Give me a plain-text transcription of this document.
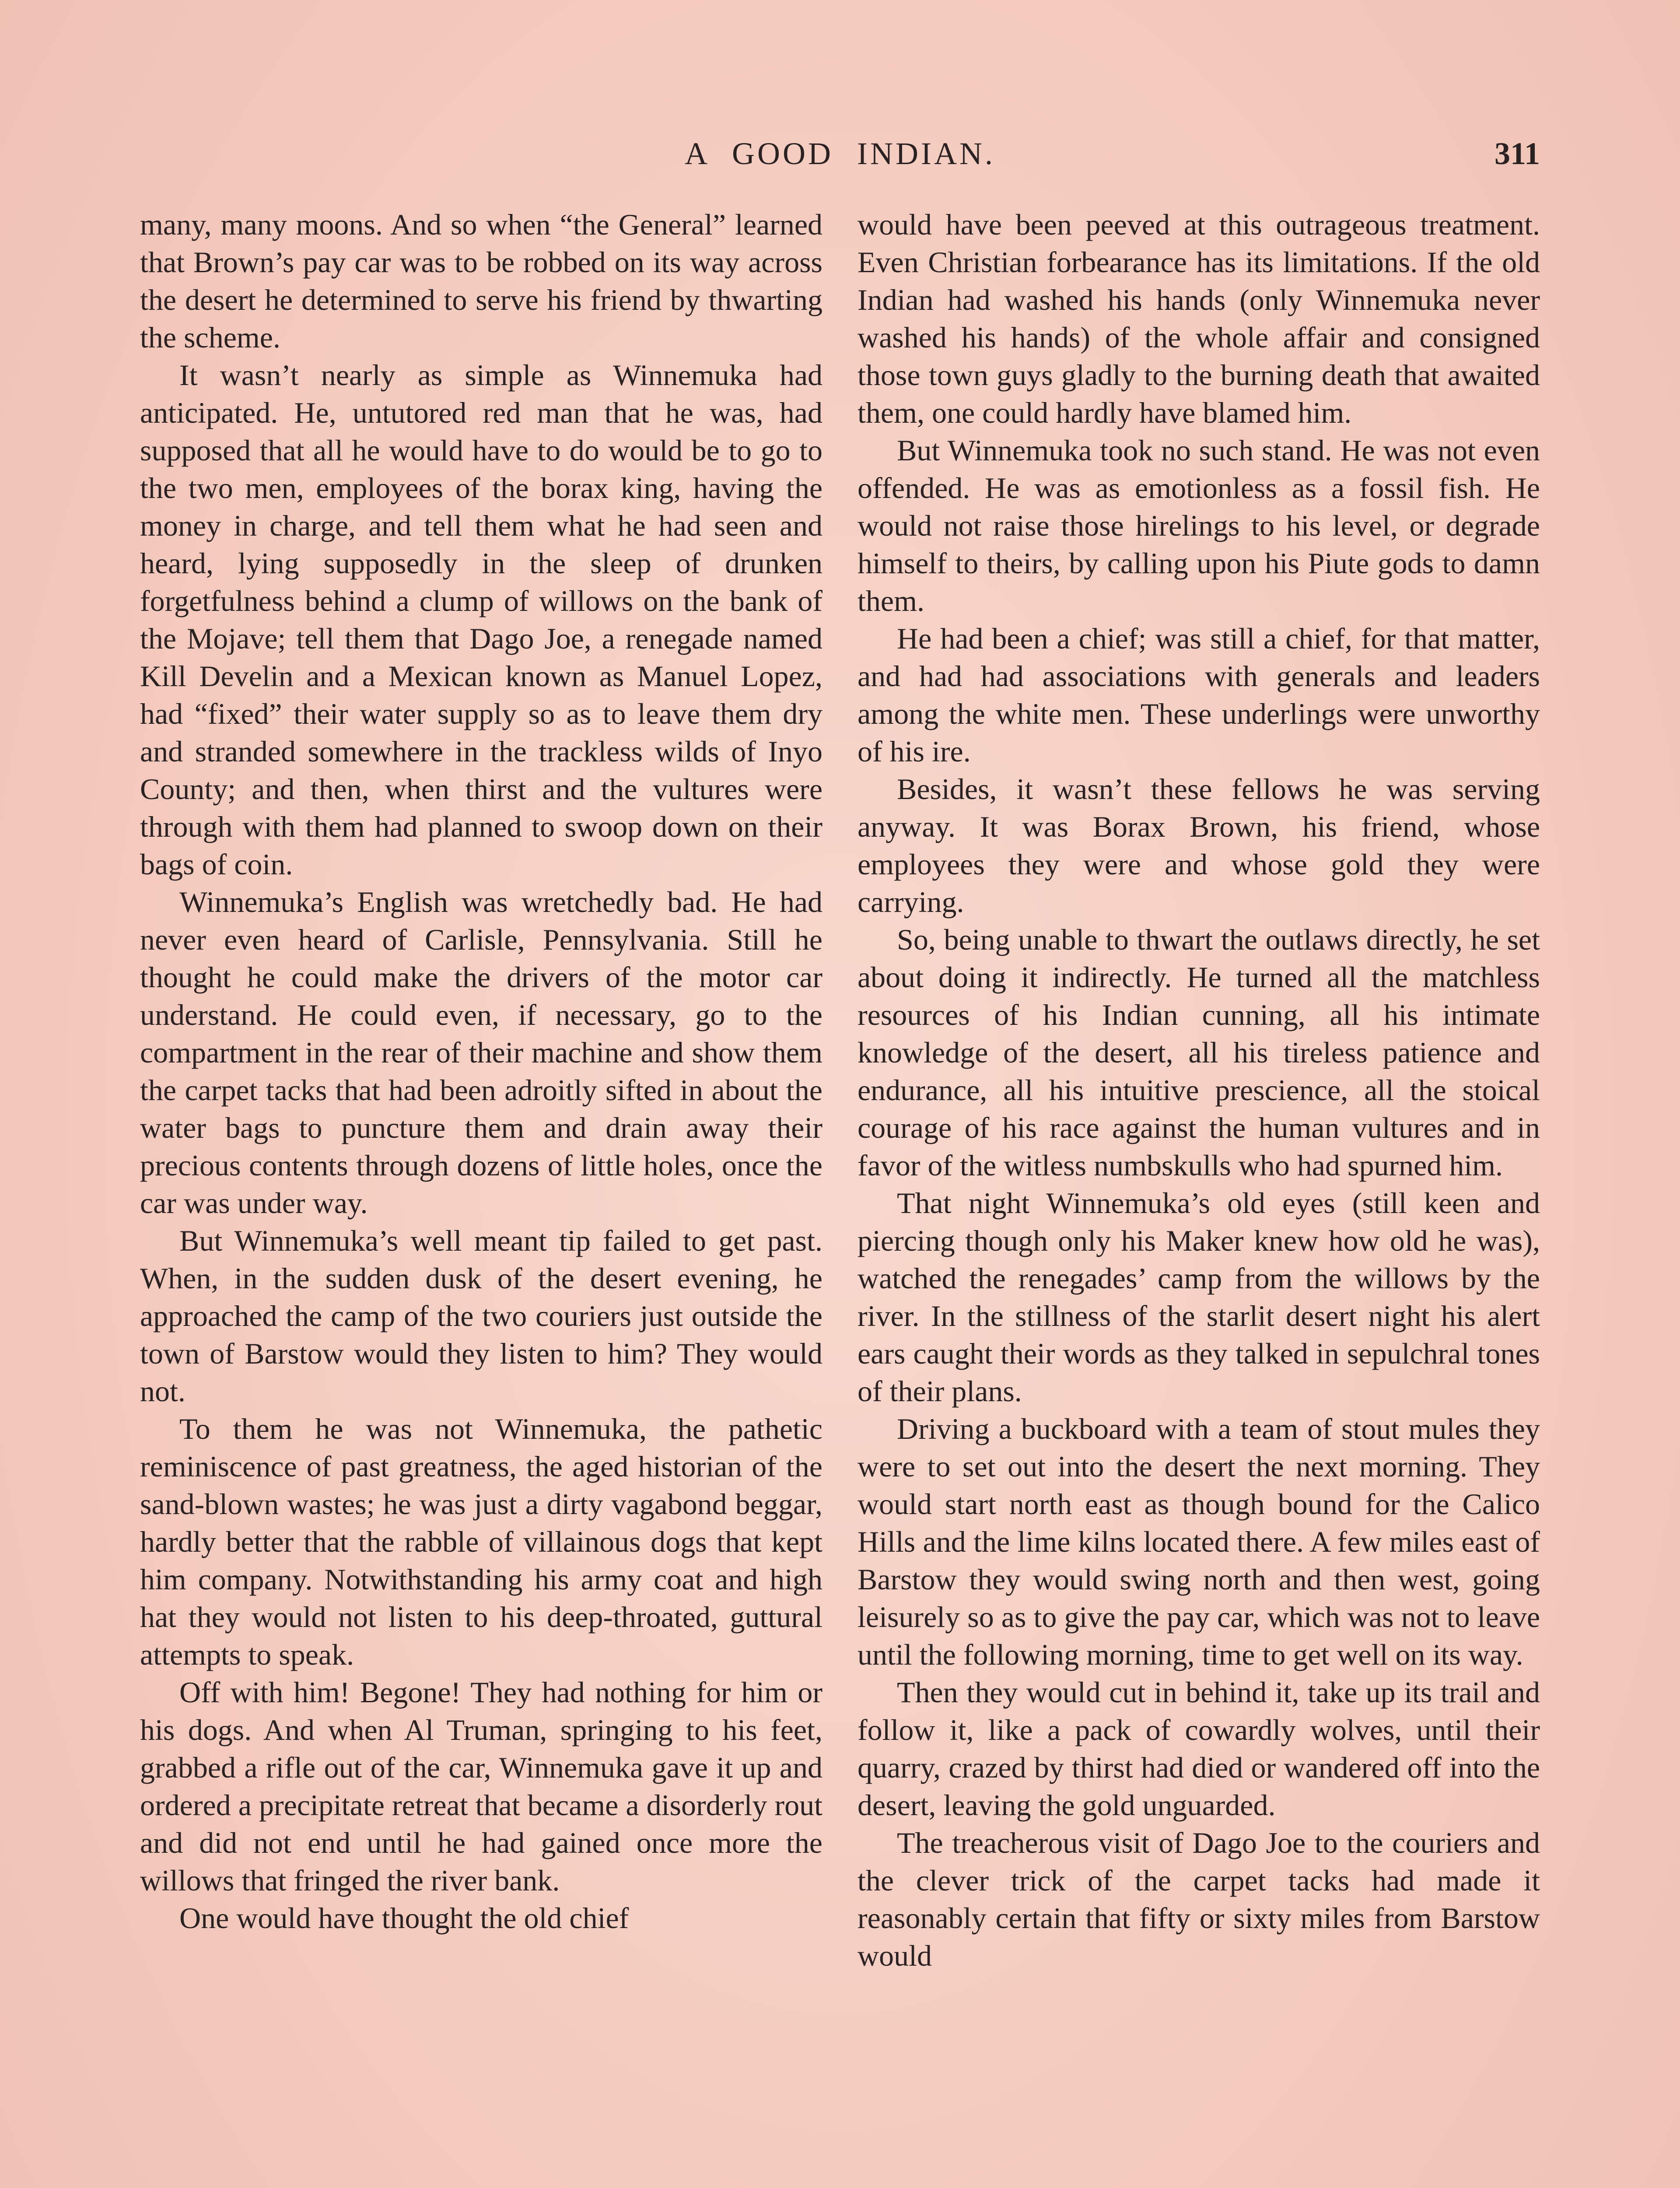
A GOOD INDIAN.	311

many, many moons. And so when “the General” learned that Brown’s pay car was to be robbed on its way across the desert he determined to serve his friend by thwarting the scheme.

It wasn’t nearly as simple as Winnemuka had anticipated. He, untutored red man that he was, had supposed that all he would have to do would be to go to the two men, employees of the borax king, having the money in charge, and tell them what he had seen and heard, lying supposedly in the sleep of drunken forgetfulness behind a clump of willows on the bank of the Mojave; tell them that Dago Joe, a renegade named Kill Develin and a Mexican known as Manuel Lopez, had “fixed” their water supply so as to leave them dry and stranded somewhere in the trackless wilds of Inyo County; and then, when thirst and the vultures were through with them had planned to swoop down on their bags of coin.

Winnemuka’s English was wretchedly bad. He had never even heard of Carlisle, Pennsylvania. Still he thought he could make the drivers of the motor car understand. He could even, if necessary, go to the compartment in the rear of their machine and show them the carpet tacks that had been adroitly sifted in about the water bags to puncture them and drain away their precious contents through dozens of little holes, once the car was under way.

But Winnemuka’s well meant tip failed to get past. When, in the sudden dusk of the desert evening, he approached the camp of the two couriers just outside the town of Barstow would they listen to him? They would not.

To them he was not Winnemuka, the pathetic reminiscence of past greatness, the aged historian of the sand-blown wastes; he was just a dirty vagabond beggar, hardly better that the rabble of villainous dogs that kept him company. Notwithstanding his army coat and high hat they would not listen to his deep-throated, guttural attempts to speak.

Off with him! Begone! They had nothing for him or his dogs. And when Al Truman, springing to his feet, grabbed a rifle out of the car, Winnemuka gave it up and ordered a precipitate retreat that became a disorderly rout and did not end until he had gained once more the willows that fringed the river bank.

One would have thought the old chief

would have been peeved at this outrageous treatment. Even Christian forbearance has its limitations. If the old Indian had washed his hands (only Winnemuka never washed his hands) of the whole affair and consigned those town guys gladly to the burning death that awaited them, one could hardly have blamed him.

But Winnemuka took no such stand. He was not even offended. He was as emotionless as a fossil fish. He would not raise those hirelings to his level, or degrade himself to theirs, by calling upon his Piute gods to damn them.

He had been a chief; was still a chief, for that matter, and had had associations with generals and leaders among the white men. These underlings were unworthy of his ire.

Besides, it wasn’t these fellows he was serving anyway. It was Borax Brown, his friend, whose employees they were and whose gold they were carrying.

So, being unable to thwart the outlaws directly, he set about doing it indirectly. He turned all the matchless resources of his Indian cunning, all his intimate knowledge of the desert, all his tireless patience and endurance, all his intuitive prescience, all the stoical courage of his race against the human vultures and in favor of the witless numbskulls who had spurned him.

That night Winnemuka’s old eyes (still keen and piercing though only his Maker knew how old he was), watched the renegades’ camp from the willows by the river. In the stillness of the starlit desert night his alert ears caught their words as they talked in sepulchral tones of their plans.

Driving a buckboard with a team of stout mules they were to set out into the desert the next morning. They would start north east as though bound for the Calico Hills and the lime kilns located there. A few miles east of Barstow they would swing north and then west, going leisurely so as to give the pay car, which was not to leave until the following morning, time to get well on its way.

Then they would cut in behind it, take up its trail and follow it, like a pack of cowardly wolves, until their quarry, crazed by thirst had died or wandered off into the desert, leaving the gold unguarded.

The treacherous visit of Dago Joe to the couriers and the clever trick of the carpet tacks had made it reasonably certain that fifty or sixty miles from Barstow would
